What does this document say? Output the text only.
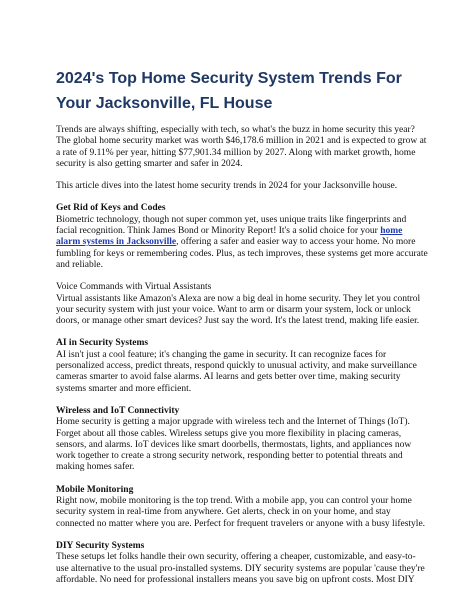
2024's Top Home Security System Trends For Your Jacksonville, FL House

Trends are always shifting, especially with tech, so what's the buzz in home security this year? The global home security market was worth $46,178.6 million in 2021 and is expected to grow at a rate of 9.11% per year, hitting $77,901.34 million by 2027. Along with market growth, home security is also getting smarter and safer in 2024.

This article dives into the latest home security trends in 2024 for your Jacksonville house.

Get Rid of Keys and Codes

Biometric technology, though not super common yet, uses unique traits like fingerprints and facial recognition. Think James Bond or Minority Report! It's a solid choice for your home alarm systems in Jacksonville, offering a safer and easier way to access your home. No more fumbling for keys or remembering codes. Plus, as tech improves, these systems get more accurate and reliable.

Voice Commands with Virtual Assistants

Virtual assistants like Amazon's Alexa are now a big deal in home security. They let you control your security system with just your voice. Want to arm or disarm your system, lock or unlock doors, or manage other smart devices? Just say the word. It's the latest trend, making life easier.

AI in Security Systems

AI isn't just a cool feature; it's changing the game in security. It can recognize faces for personalized access, predict threats, respond quickly to unusual activity, and make surveillance cameras smarter to avoid false alarms. AI learns and gets better over time, making security systems smarter and more efficient.

Wireless and IoT Connectivity

Home security is getting a major upgrade with wireless tech and the Internet of Things (IoT). Forget about all those cables. Wireless setups give you more flexibility in placing cameras, sensors, and alarms. IoT devices like smart doorbells, thermostats, lights, and appliances now work together to create a strong security network, responding better to potential threats and making homes safer.

Mobile Monitoring

Right now, mobile monitoring is the top trend. With a mobile app, you can control your home security system in real-time from anywhere. Get alerts, check in on your home, and stay connected no matter where you are. Perfect for frequent travelers or anyone with a busy lifestyle.

DIY Security Systems

These setups let folks handle their own security, offering a cheaper, customizable, and easy-to-use alternative to the usual pro-installed systems. DIY security systems are popular 'cause they're affordable. No need for professional installers means you save big on upfront costs. Most DIY
